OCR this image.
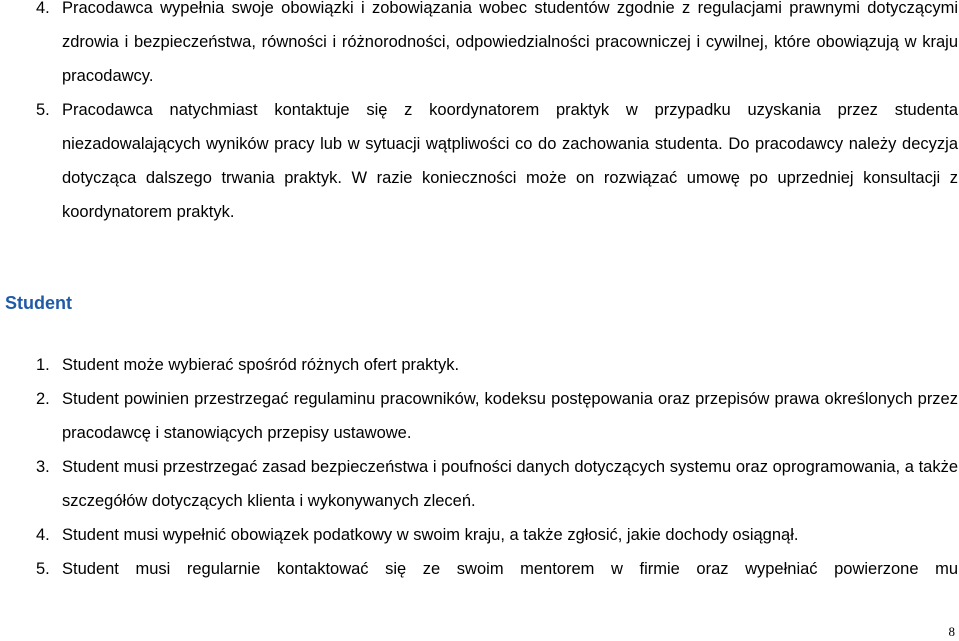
4. Pracodawca wypełnia swoje obowiązki i zobowiązania wobec studentów zgodnie z regulacjami prawnymi dotyczącymi zdrowia i bezpieczeństwa, równości i różnorodności, odpowiedzialności pracowniczej i cywilnej, które obowiązują w kraju pracodawcy.
5. Pracodawca natychmiast kontaktuje się z koordynatorem praktyk w przypadku uzyskania przez studenta niezadowalających wyników pracy lub w sytuacji wątpliwości co do zachowania studenta. Do pracodawcy należy decyzja dotycząca dalszego trwania praktyk. W razie konieczności może on rozwiązać umowę po uprzedniej konsultacji z koordynatorem praktyk.
Student
1. Student może wybierać spośród różnych ofert praktyk.
2. Student powinien przestrzegać regulaminu pracowników, kodeksu postępowania oraz przepisów prawa określonych przez pracodawcę i stanowiących przepisy ustawowe.
3. Student musi przestrzegać zasad bezpieczeństwa i poufności danych dotyczących systemu oraz oprogramowania, a także szczegółów dotyczących klienta i wykonywanych zleceń.
4. Student musi wypełnić obowiązek podatkowy w swoim kraju, a także zgłosić, jakie dochody osiągnął.
5. Student musi regularnie kontaktować się ze swoim mentorem w firmie oraz wypełniać powierzone mu
8
